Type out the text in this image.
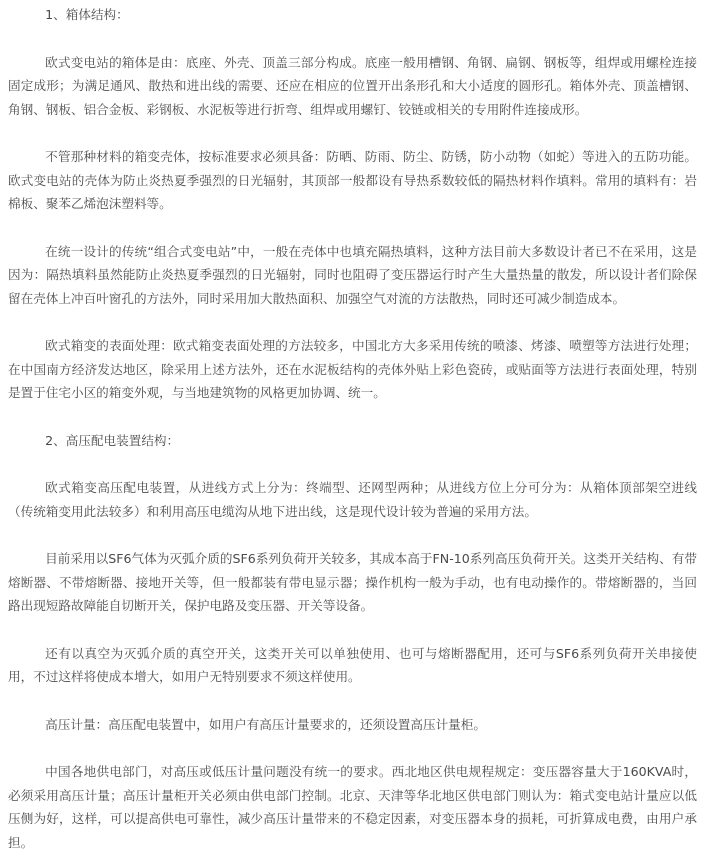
1、箱体结构：

欧式变电站的箱体是由：底座、外壳、顶盖三部分构成。底座一般用槽钢、角钢、扁钢、钢板等，组焊或用螺栓连接固定成形；为满足通风、散热和进出线的需要、还应在相应的位置开出条形孔和大小适度的圆形孔。箱体外壳、顶盖槽钢、角钢、钢板、铝合金板、彩钢板、水泥板等进行折弯、组焊或用螺钉、铰链或相关的专用附件连接成形。

不管那种材料的箱变壳体，按标准要求必须具备：防晒、防雨、防尘、防锈，防小动物（如蛇）等进入的五防功能。欧式变电站的壳体为防止炎热夏季强烈的日光辐射，其顶部一般都设有导热系数较低的隔热材料作填料。常用的填料有：岩棉板、聚苯乙烯泡沫塑料等。

在统一设计的传统“组合式变电站”中，一般在壳体中也填充隔热填料，这种方法目前大多数设计者已不在采用，这是因为：隔热填料虽然能防止炎热夏季强烈的日光辐射，同时也阻碍了变压器运行时产生大量热量的散发，所以设计者们除保留在壳体上冲百叶窗孔的方法外，同时采用加大散热面积、加强空气对流的方法散热，同时还可减少制造成本。

欧式箱变的表面处理：欧式箱变表面处理的方法较多，中国北方大多采用传统的喷漆、烤漆、喷塑等方法进行处理；在中国南方经济发达地区，除采用上述方法外，还在水泥板结构的壳体外贴上彩色瓷砖，或贴面等方法进行表面处理，特别是置于住宅小区的箱变外观，与当地建筑物的风格更加协调、统一。

2、高压配电装置结构：

欧式箱变高压配电装置，从进线方式上分为：终端型、还网型两种；从进线方位上分可分为：从箱体顶部架空进线（传统箱变用此法较多）和利用高压电缆沟从地下进出线，这是现代设计较为普遍的采用方法。

目前采用以SF6气体为灭弧介质的SF6系列负荷开关较多，其成本高于FN-10系列高压负荷开关。这类开关结构、有带熔断器、不带熔断器、接地开关等，但一般都装有带电显示器；操作机构一般为手动，也有电动操作的。带熔断器的，当回路出现短路故障能自切断开关，保护电路及变压器、开关等设备。

还有以真空为灭弧介质的真空开关，这类开关可以单独使用、也可与熔断器配用，还可与SF6系列负荷开关串接使用，不过这样将使成本增大，如用户无特别要求不须这样使用。

高压计量：高压配电装置中，如用户有高压计量要求的，还须设置高压计量柜。

中国各地供电部门，对高压或低压计量问题没有统一的要求。西北地区供电规程规定：变压器容量大于160KVA时，必须采用高压计量；高压计量柜开关必须由供电部门控制。北京、天津等华北地区供电部门则认为：箱式变电站计量应以低压侧为好，这样，可以提高供电可靠性，减少高压计量带来的不稳定因素，对变压器本身的损耗，可折算成电费，由用户承担。
